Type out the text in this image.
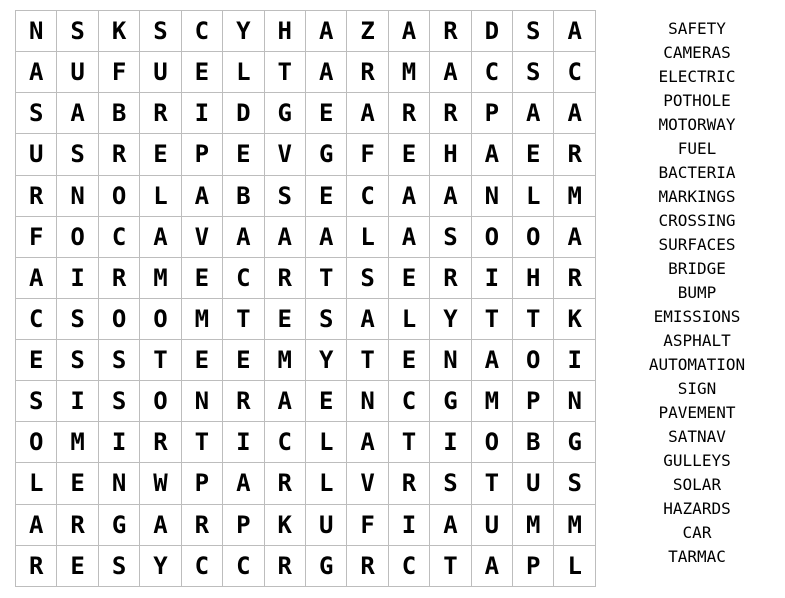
N	S	K	S	C	Y	H	A	Z	A	R	D	S	A
A	U	F	U	E	L	T	A	R	M	A	C	S	C
S	A	B	R	I	D	G	E	A	R	R	P	A	A
U	S	R	E	P	E	V	G	F	E	H	A	E	R
R	N	O	L	A	B	S	E	C	A	A	N	L	M
F	O	C	A	V	A	A	A	L	A	S	O	O	A
A	I	R	M	E	C	R	T	S	E	R	I	H	R
C	S	O	O	M	T	E	S	A	L	Y	T	T	K
E	S	S	T	E	E	M	Y	T	E	N	A	O	I
S	I	S	O	N	R	A	E	N	C	G	M	P	N
O	M	I	R	T	I	C	L	A	T	I	O	B	G
L	E	N	W	P	A	R	L	V	R	S	T	U	S
A	R	G	A	R	P	K	U	F	I	A	U	M	M
R	E	S	Y	C	C	R	G	R	C	T	A	P	L
SAFETY
CAMERAS
ELECTRIC
POTHOLE
MOTORWAY
FUEL
BACTERIA
MARKINGS
CROSSING
SURFACES
BRIDGE
BUMP
EMISSIONS
ASPHALT
AUTOMATION
SIGN
PAVEMENT
SATNAV
GULLEYS
SOLAR
HAZARDS
CAR
TARMAC
